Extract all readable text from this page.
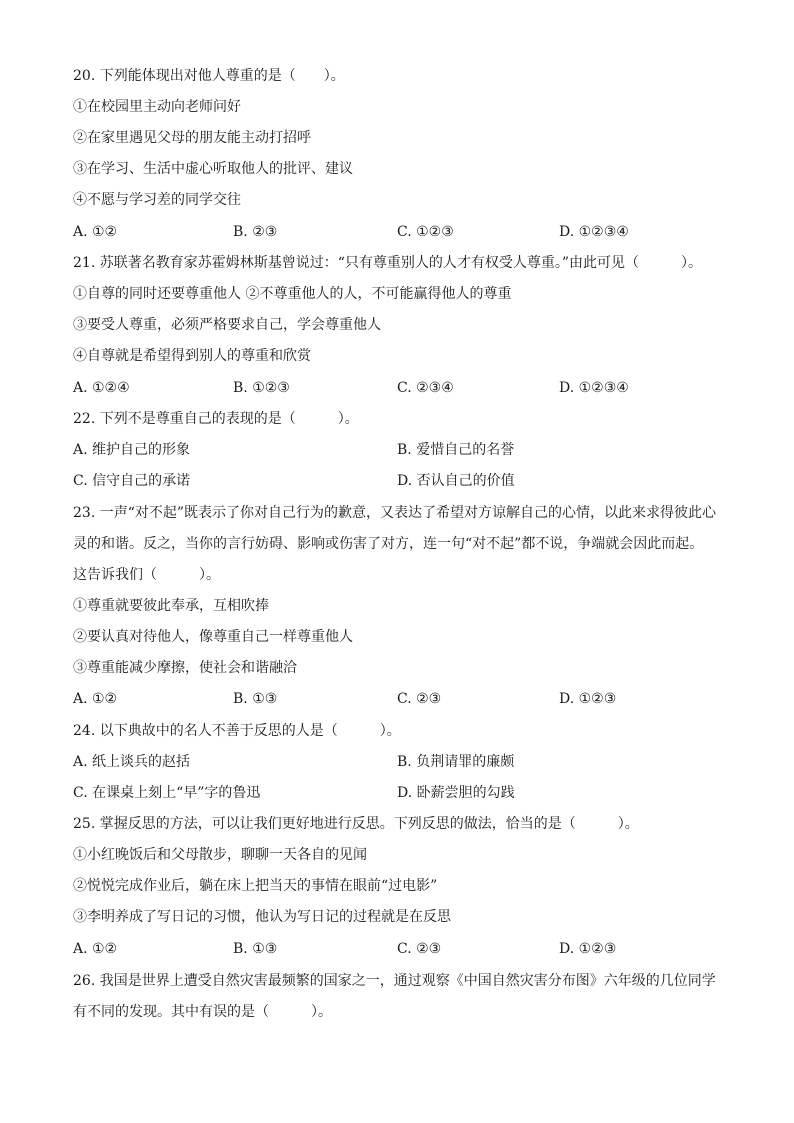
20. 下列能体现出对他人尊重的是（　　）。
①在校园里主动向老师问好
②在家里遇见父母的朋友能主动打招呼
③在学习、生活中虚心听取他人的批评、建议
④不愿与学习差的同学交往
A. ①②	B. ②③	C. ①②③	D. ①②③④
21. 苏联著名教育家苏霍姆林斯基曾说过：“只有尊重别人的人才有权受人尊重。”由此可见（　　　）。
①自尊的同时还要尊重他人 ②不尊重他人的人，不可能赢得他人的尊重
③要受人尊重，必须严格要求自己，学会尊重他人
④自尊就是希望得到别人的尊重和欣赏
A. ①②④	B. ①②③	C. ②③④	D. ①②③④
22. 下列不是尊重自己的表现的是（　　　）。
A. 维护自己的形象	B. 爱惜自己的名誉
C. 信守自己的承诺	D. 否认自己的价值
23. 一声“对不起”既表示了你对自己行为的歉意，又表达了希望对方谅解自己的心情，以此来求得彼此心
灵的和谐。反之，当你的言行妨碍、影响或伤害了对方，连一句“对不起”都不说，争端就会因此而起。
这告诉我们（　　　）。
①尊重就要彼此奉承，互相吹捧
②要认真对待他人，像尊重自己一样尊重他人
③尊重能减少摩擦，使社会和谐融洽
A. ①②	B. ①③	C. ②③	D. ①②③
24. 以下典故中的名人不善于反思的人是（　　　）。
A. 纸上谈兵的赵括	B. 负荆请罪的廉颇
C. 在课桌上刻上“早”字的鲁迅	D. 卧薪尝胆的勾践
25. 掌握反思的方法，可以让我们更好地进行反思。下列反思的做法，恰当的是（　　　）。
①小红晚饭后和父母散步，聊聊一天各自的见闻
②悦悦完成作业后，躺在床上把当天的事情在眼前“过电影”
③李明养成了写日记的习惯，他认为写日记的过程就是在反思
A. ①②	B. ①③	C. ②③	D. ①②③
26. 我国是世界上遭受自然灾害最频繁的国家之一，通过观察《中国自然灾害分布图》六年级的几位同学
有不同的发现。其中有误的是（　　　）。
